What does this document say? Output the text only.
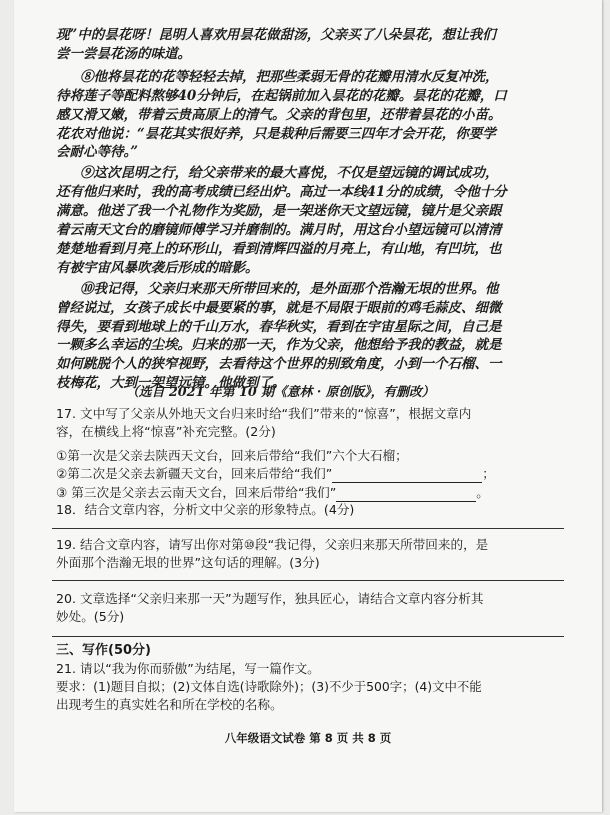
现”中的昙花呀！昆明人喜欢用昙花做甜汤，父亲买了八朵昙花，想让我们
尝一尝昙花汤的味道。
⑧他将昙花的花等轻轻去掉，把那些柔弱无骨的花瓣用清水反复冲洗，
待将莲子等配料熬够40分钟后，在起锅前加入昙花的花瓣。昙花的花瓣，口
感又滑又嫩，带着云贵高原上的清气。父亲的背包里，还带着昙花的小苗。
花农对他说：“昙花其实很好养，只是栽种后需要三四年才会开花，你要学
会耐心等待。”
⑨这次昆明之行，给父亲带来的最大喜悦，不仅是望远镜的调试成功，
还有他归来时，我的高考成绩已经出炉。高过一本线41分的成绩，令他十分
满意。他送了我一个礼物作为奖励，是一架迷你天文望远镜，镜片是父亲跟
着云南天文台的磨镜师傅学习并磨制的。满月时，用这台小望远镜可以清清
楚楚地看到月亮上的环形山，看到清辉四溢的月亮上，有山地，有凹坑，也
有被宇宙风暴吹袭后形成的暗影。
⑩我记得，父亲归来那天所带回来的，是外面那个浩瀚无垠的世界。他
曾经说过，女孩子成长中最要紧的事，就是不局限于眼前的鸡毛蒜皮、细微
得失，要看到地球上的千山万水，春华秋实，看到在宇宙星际之间，自己是
一颗多么幸运的尘埃。归来的那一天，作为父亲，他想给予我的教益，就是
如何跳脱个人的狭窄视野，去看待这个世界的别致角度，小到一个石榴、一
枝梅花，大到一架望远镜。他做到了。
（选自 2021 年第 10 期《意林 · 原创版》，有删改）
17. 文中写了父亲从外地天文台归来时给“我们”带来的“惊喜”，根据文章内
容，在横线上将“惊喜”补充完整。(2分)
①第一次是父亲去陕西天文台，回来后带给“我们”六个大石榴；
②第二次是父亲去新疆天文台，回来后带给“我们”	；
③ 第三次是父亲去云南天文台，回来后带给“我们”	。
18．结合文章内容，分析文中父亲的形象特点。(4分)
19. 结合文章内容，请写出你对第⑩段“我记得，父亲归来那天所带回来的，是
外面那个浩瀚无垠的世界”这句话的理解。(3分)
20. 文章选择“父亲归来那一天”为题写作，独具匠心，请结合文章内容分析其
妙处。(5分)
三、写作(50分)
21. 请以“我为你而骄傲”为结尾，写一篇作文。
要求：(1)题目自拟；(2)文体自选(诗歌除外)；(3)不少于500字；(4)文中不能
出现考生的真实姓名和所在学校的名称。
八年级语文试卷 第 8 页 共 8 页
